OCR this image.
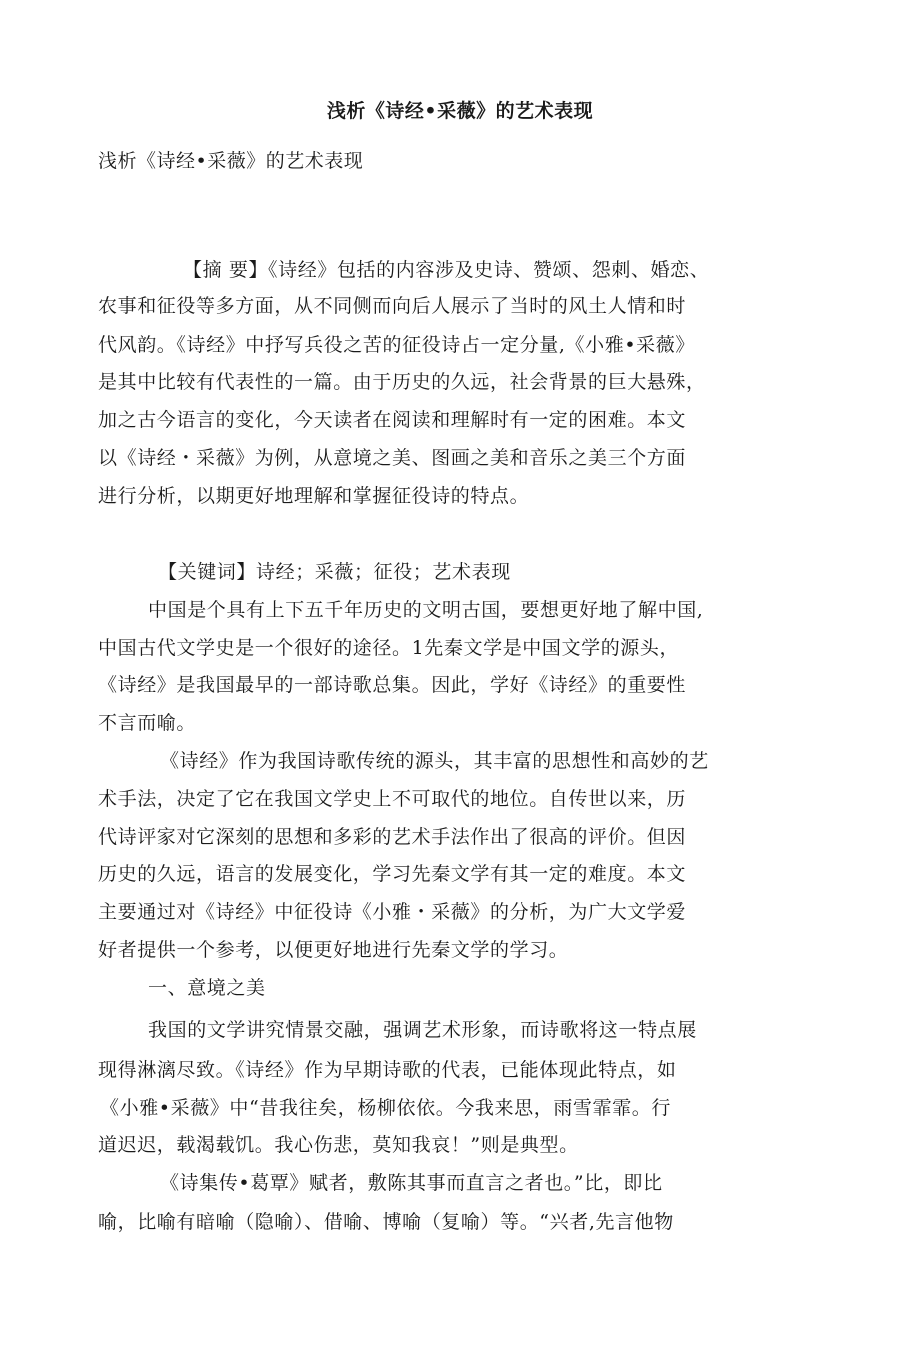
浅析《诗经•采薇》的艺术表现
浅析《诗经•采薇》的艺术表现
【摘 要】《诗经》包括的内容涉及史诗、赞颂、怨刺、婚恋、
农事和征役等多方面，从不同侧而向后人展示了当时的风土人情和时
代风韵。《诗经》中抒写兵役之苦的征役诗占一定分量,《小雅•采薇》
是其中比较有代表性的一篇。由于历史的久远，社会背景的巨大悬殊，
加之古今语言的变化，今天读者在阅读和理解时有一定的困难。本文
以《诗经・采薇》为例，从意境之美、图画之美和音乐之美三个方面
进行分析，以期更好地理解和掌握征役诗的特点。
【关键词】诗经；采薇；征役；艺术表现
中国是个具有上下五千年历史的文明古国，要想更好地了解中国,
中国古代文学史是一个很好的途径。1先秦文学是中国文学的源头，
《诗经》是我国最早的一部诗歌总集。因此，学好《诗经》的重要性
不言而喻。
《诗经》作为我国诗歌传统的源头，其丰富的思想性和高妙的艺
术手法，决定了它在我国文学史上不可取代的地位。自传世以来，历
代诗评家对它深刻的思想和多彩的艺术手法作出了很高的评价。但因
历史的久远，语言的发展变化，学习先秦文学有其一定的难度。本文
主要通过对《诗经》中征役诗《小雅・采薇》的分析，为广大文学爱
好者提供一个参考，以便更好地进行先秦文学的学习。
一、意境之美
我国的文学讲究情景交融，强调艺术形象，而诗歌将这一特点展
现得淋漓尽致。《诗经》作为早期诗歌的代表，已能体现此特点，如
《小雅•采薇》中“昔我往矣，杨柳依依。今我来思，雨雪霏霏。行
道迟迟，载渴载饥。我心伤悲，莫知我哀！”则是典型。
《诗集传•葛覃》赋者，敷陈其事而直言之者也。”比，即比
喻，比喻有暗喻（隐喻）、借喻、博喻（复喻）等。“兴者,先言他物
